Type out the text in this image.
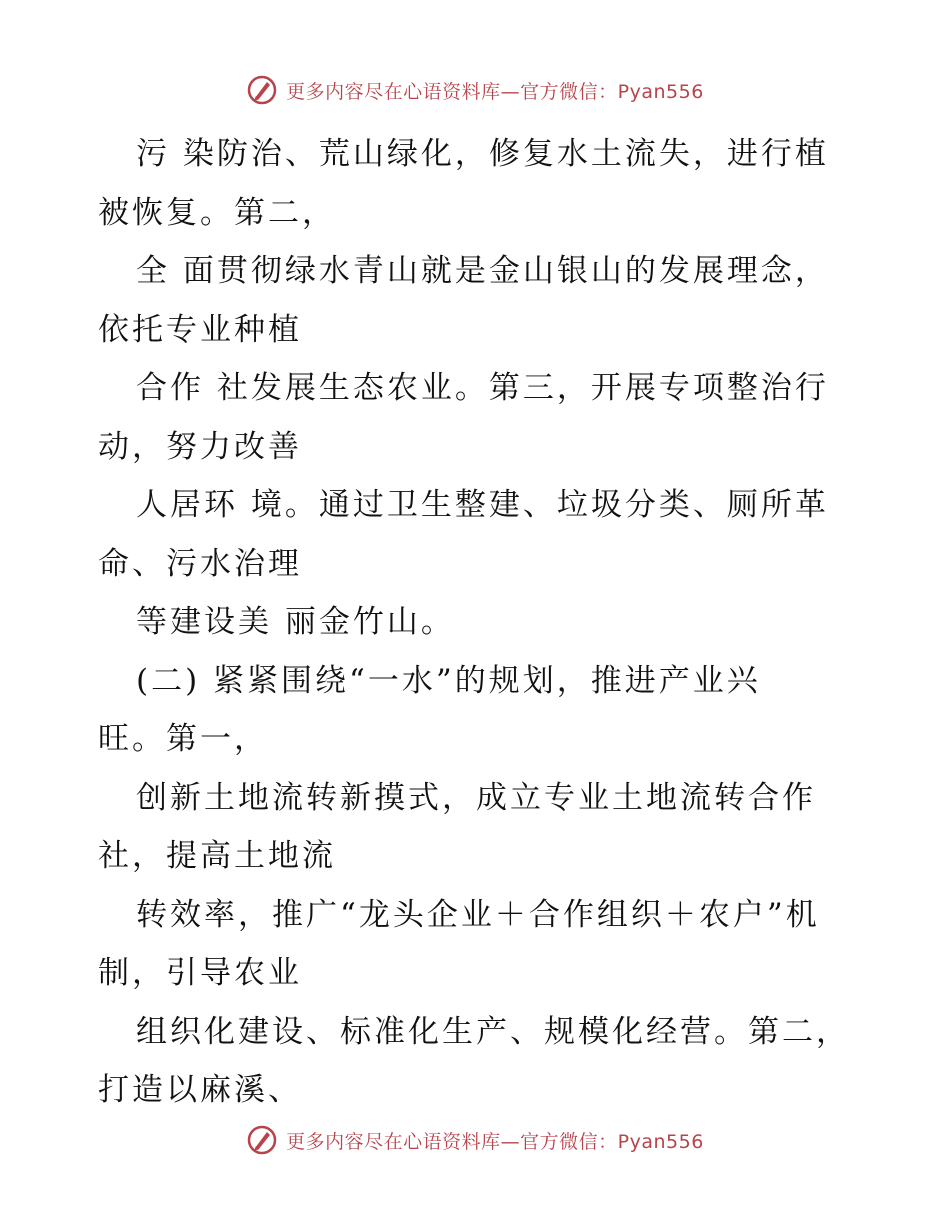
更多内容尽在心语资料库—官方微信：Pyan556
污 染防治、荒山绿化，修复水土流失，进行植
被恢复。第二，
全 面贯彻绿水青山就是金山银山的发展理念，
依托专业种植
合作 社发展生态农业。第三，开展专项整治行
动，努力改善
人居环 境。通过卫生整建、垃圾分类、厕所革
命、污水治理
等建设美 丽金竹山。
(二) 紧紧围绕“一水”的规划，推进产业兴
旺。第一，
创新土地流转新摸式，成立专业土地流转合作
社，提高土地流
转效率，推广“龙头企业＋合作组织＋农户”机
制，引导农业
组织化建设、标准化生产、规模化经营。第二，
打造以麻溪、
更多内容尽在心语资料库—官方微信：Pyan556
